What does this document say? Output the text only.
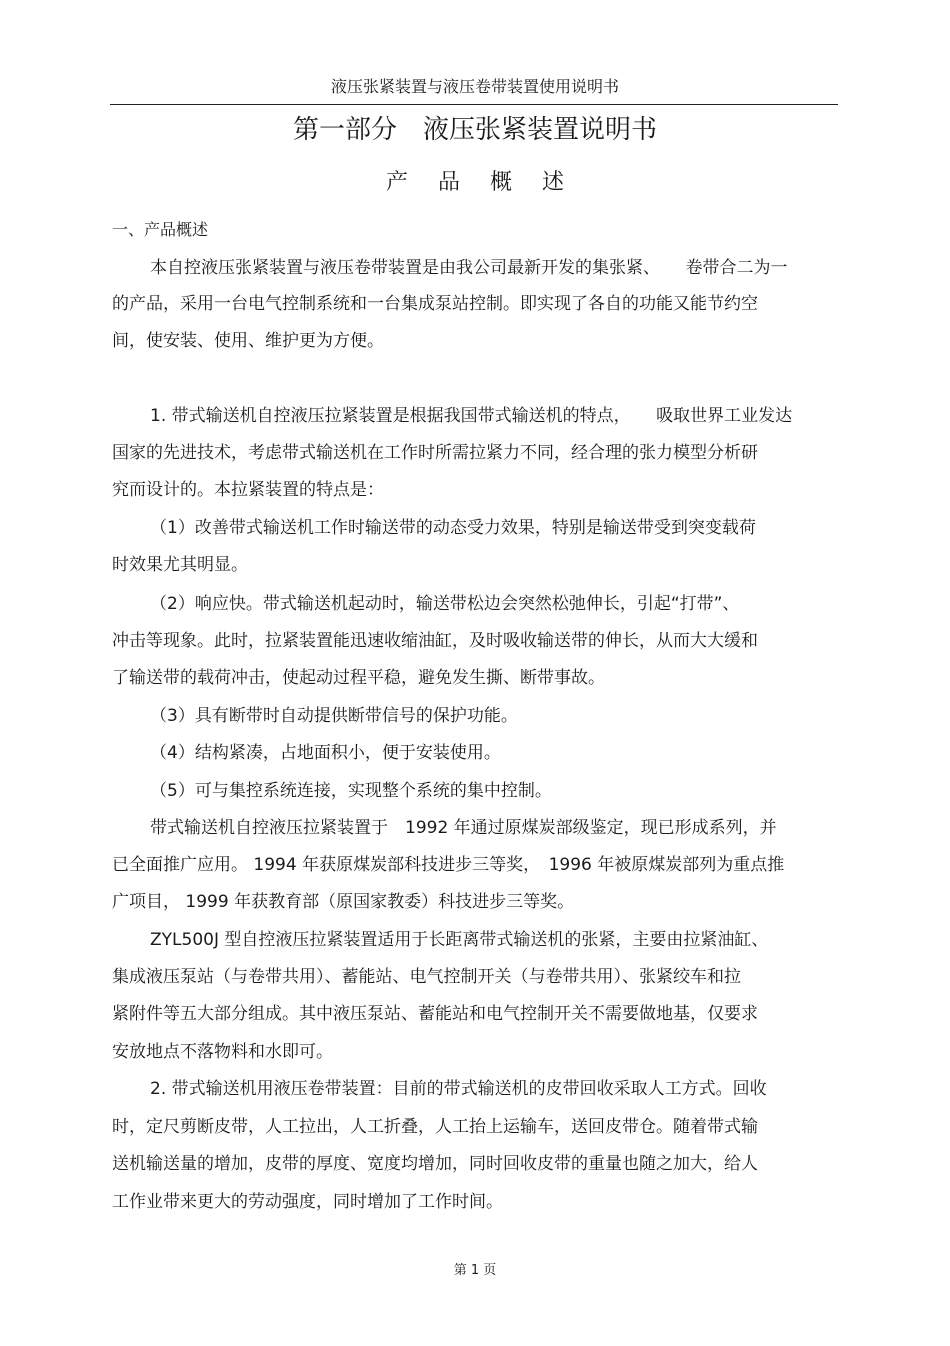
液压张紧装置与液压卷带装置使用说明书
第一部分　液压张紧装置说明书
产品概述
一、产品概述
本自控液压张紧装置与液压卷带装置是由我公司最新开发的集张紧、　　卷带合二为一
的产品，采用一台电气控制系统和一台集成泵站控制。即实现了各自的功能又能节约空
间，使安装、使用、维护更为方便。
1. 带式输送机自控液压拉紧装置是根据我国带式输送机的特点，　　吸取世界工业发达
国家的先进技术，考虑带式输送机在工作时所需拉紧力不同，经合理的张力模型分析研
究而设计的。本拉紧装置的特点是：
（1）改善带式输送机工作时输送带的动态受力效果，特别是输送带受到突变载荷
时效果尤其明显。
（2）响应快。带式输送机起动时，输送带松边会突然松弛伸长，引起“打带”、
冲击等现象。此时，拉紧装置能迅速收缩油缸，及时吸收输送带的伸长，从而大大缓和
了输送带的载荷冲击，使起动过程平稳，避免发生撕、断带事故。
（3）具有断带时自动提供断带信号的保护功能。
（4）结构紧凑，占地面积小，便于安装使用。
（5）可与集控系统连接，实现整个系统的集中控制。
带式输送机自控液压拉紧装置于　1992 年通过原煤炭部级鉴定，现已形成系列，并
已全面推广应用。 1994 年获原煤炭部科技进步三等奖，　1996 年被原煤炭部列为重点推
广项目， 1999 年获教育部（原国家教委）科技进步三等奖。
ZYL500J 型自控液压拉紧装置适用于长距离带式输送机的张紧，主要由拉紧油缸、
集成液压泵站（与卷带共用）、蓄能站、电气控制开关（与卷带共用）、张紧绞车和拉
紧附件等五大部分组成。其中液压泵站、蓄能站和电气控制开关不需要做地基，仅要求
安放地点不落物料和水即可。
2. 带式输送机用液压卷带装置：目前的带式输送机的皮带回收采取人工方式。回收
时，定尺剪断皮带，人工拉出，人工折叠，人工抬上运输车，送回皮带仓。随着带式输
送机输送量的增加，皮带的厚度、宽度均增加，同时回收皮带的重量也随之加大，给人
工作业带来更大的劳动强度，同时增加了工作时间。
第 1 页
